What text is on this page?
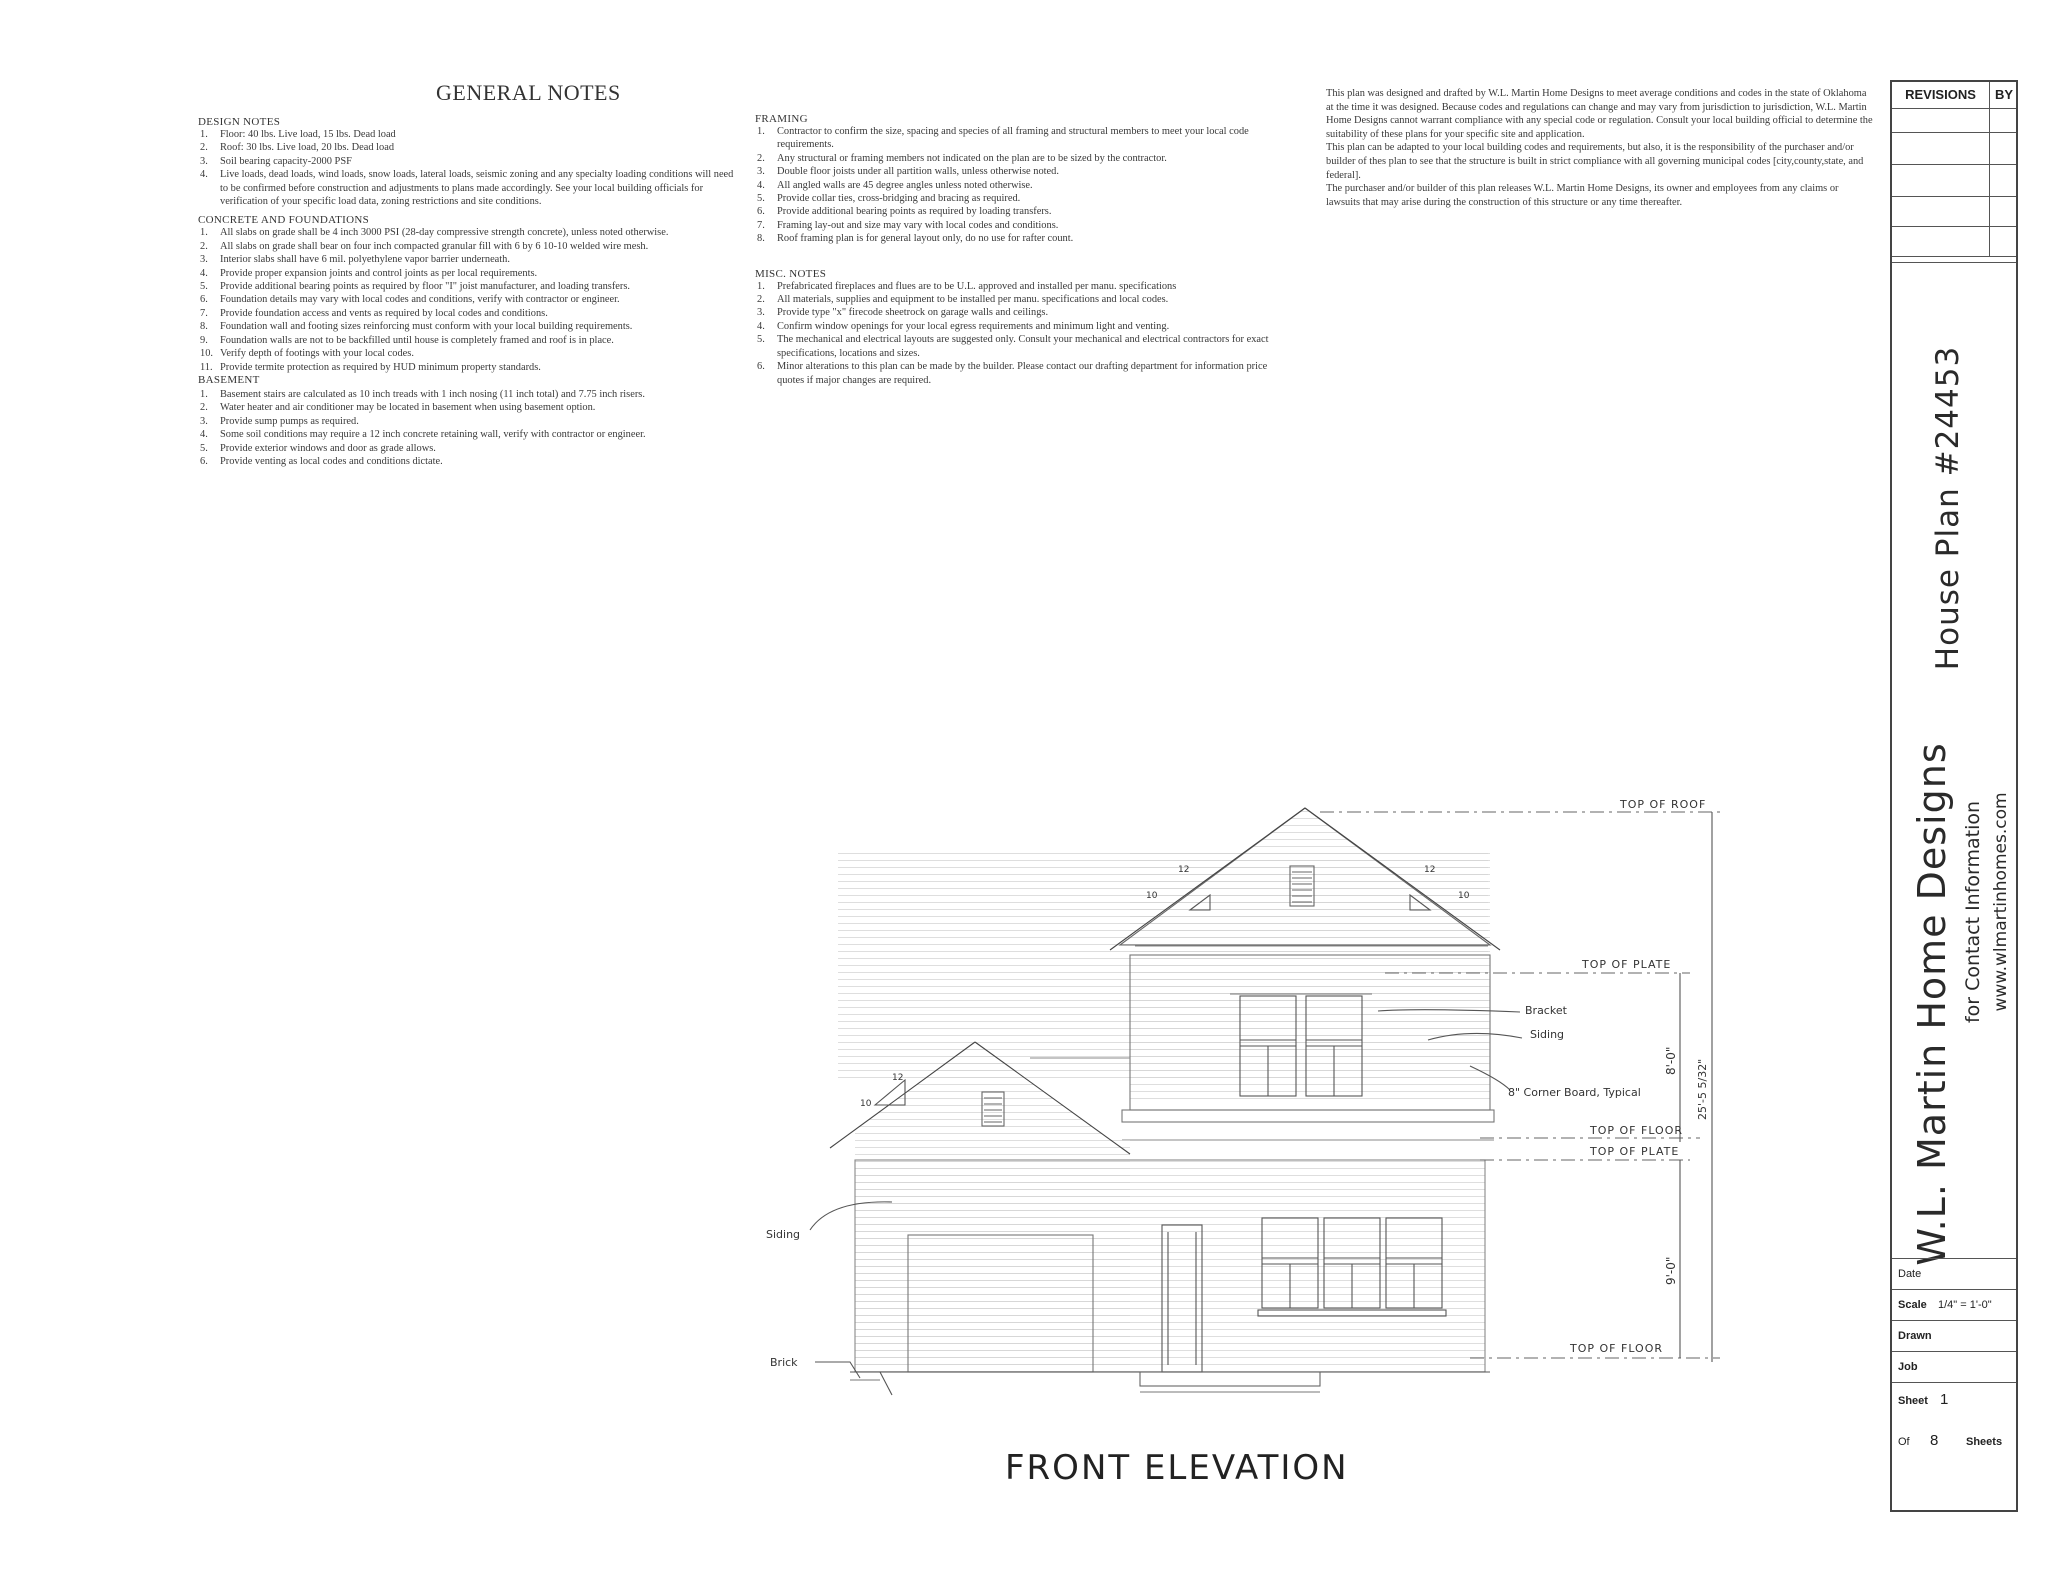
GENERAL NOTES
DESIGN NOTES
1. Floor: 40 lbs. Live load, 15 lbs. Dead load
2. Roof: 30 lbs. Live load, 20 lbs. Dead load
3. Soil bearing capacity-2000 PSF
4. Live loads, dead loads, wind loads, snow loads, lateral loads, seismic zoning and any specialty loading conditions will need to be confirmed before construction and adjustments to plans made accordingly. See your local building officials for verification of your specific load data, zoning restrictions and site conditions.
CONCRETE AND FOUNDATIONS
1. All slabs on grade shall be 4 inch 3000 PSI (28-day compressive strength concrete), unless noted otherwise.
2. All slabs on grade shall bear on four inch compacted granular fill with 6 by 6 10-10 welded wire mesh.
3. Interior slabs shall have 6 mil. polyethylene vapor barrier underneath.
4. Provide proper expansion joints and control joints as per local requirements.
5. Provide additional bearing points as required by floor "I" joist manufacturer, and loading transfers.
6. Foundation details may vary with local codes and conditions, verify with contractor or engineer.
7. Provide foundation access and vents as required by local codes and conditions.
8. Foundation wall and footing sizes reinforcing must conform with your local building requirements.
9. Foundation walls are not to be backfilled until house is completely framed and roof is in place.
10. Verify depth of footings with your local codes.
11. Provide termite protection as required by HUD minimum property standards.
BASEMENT
1. Basement stairs are calculated as 10 inch treads with 1 inch nosing (11 inch total) and 7.75 inch risers.
2. Water heater and air conditioner may be located in basement when using basement option.
3. Provide sump pumps as required.
4. Some soil conditions may require a 12 inch concrete retaining wall, verify with contractor or engineer.
5. Provide exterior windows and door as grade allows.
6. Provide venting as local codes and conditions dictate.
FRAMING
1. Contractor to confirm the size, spacing and species of all framing and structural members to meet your local code requirements.
2. Any structural or framing members not indicated on the plan are to be sized by the contractor.
3. Double floor joists under all partition walls, unless otherwise noted.
4. All angled walls are 45 degree angles unless noted otherwise.
5. Provide collar ties, cross-bridging and bracing as required.
6. Provide additional bearing points as required by loading transfers.
7. Framing lay-out and size may vary with local codes and conditions.
8. Roof framing plan is for general layout only, do no use for rafter count.
MISC. NOTES
1. Prefabricated fireplaces and flues are to be U.L. approved and installed per manu. specifications
2. All materials, supplies and equipment to be installed per manu. specifications and local codes.
3. Provide type "x" firecode sheetrock on garage walls and ceilings.
4. Confirm window openings for your local egress requirements and minimum light and venting.
5. The mechanical and electrical layouts are suggested only. Consult your mechanical and electrical contractors for exact specifications, locations and sizes.
6. Minor alterations to this plan can be made by the builder. Please contact our drafting department for information price quotes if major changes are required.
This plan was designed and drafted by W.L. Martin Home Designs to meet average conditions and codes in the state of Oklahoma at the time it was designed. Because codes and regulations can change and may vary from jurisdiction to jurisdiction, W.L. Martin Home Designs cannot warrant compliance with any special code or regulation. Consult your local building official to determine the suitability of these plans for your specific site and application.
This plan can be adapted to your local building codes and requirements, but also, it is the responsibility of the purchaser and/or builder of thes plan to see that the structure is built in strict compliance with all governing municipal codes [city,county,state, and federal].
The purchaser and/or builder of this plan releases W.L. Martin Home Designs, its owner and employees from any claims or lawsuits that may arise during the construction of this structure or any time thereafter.
REVISIONS	BY
House Plan #24453
W.L. Martin Home Designs for Contact Information www.wlmartinhomes.com
Date
Scale 1/4" = 1'-0"
Drawn
Job
Sheet 1
Of 8	Sheets
TOP OF ROOF
TOP OF PLATE
TOP OF FLOOR
TOP OF PLATE
TOP OF FLOOR
Bracket
Siding
8" Corner Board, Typical
Siding
Brick
12
10
12
10
12
10
8'-0"
9'-0"
25'-5 5/32"
FRONT ELEVATION
